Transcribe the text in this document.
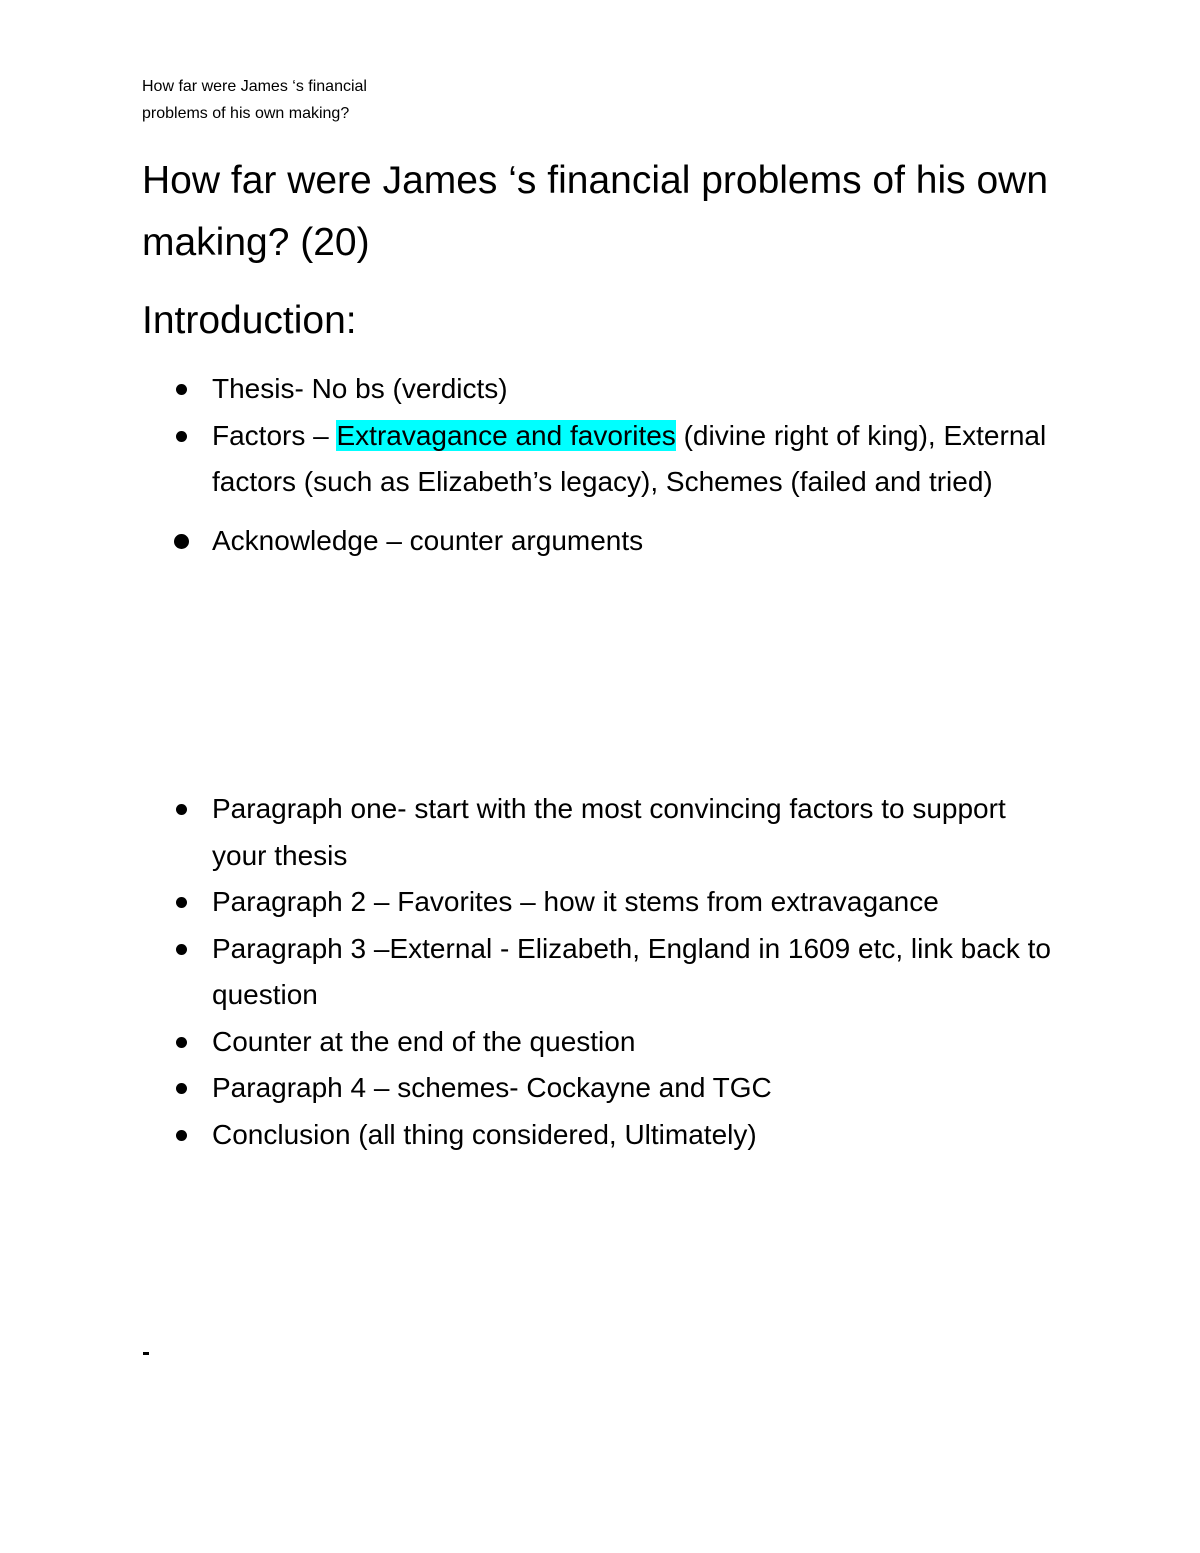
How far were James ‘s financial
problems of his own making?
How far were James ‘s financial problems of his own making? (20)
Introduction:
Thesis- No bs (verdicts)
Factors – Extravagance and favorites (divine right of king), External factors (such as Elizabeth’s legacy), Schemes (failed and tried)
Acknowledge – counter arguments
Paragraph one- start with the most convincing factors to support your thesis
Paragraph 2 – Favorites – how it stems from extravagance
Paragraph 3 –External - Elizabeth, England in 1609 etc, link back to question
Counter at the end of the question
Paragraph 4 – schemes- Cockayne and TGC
Conclusion (all thing considered, Ultimately)
